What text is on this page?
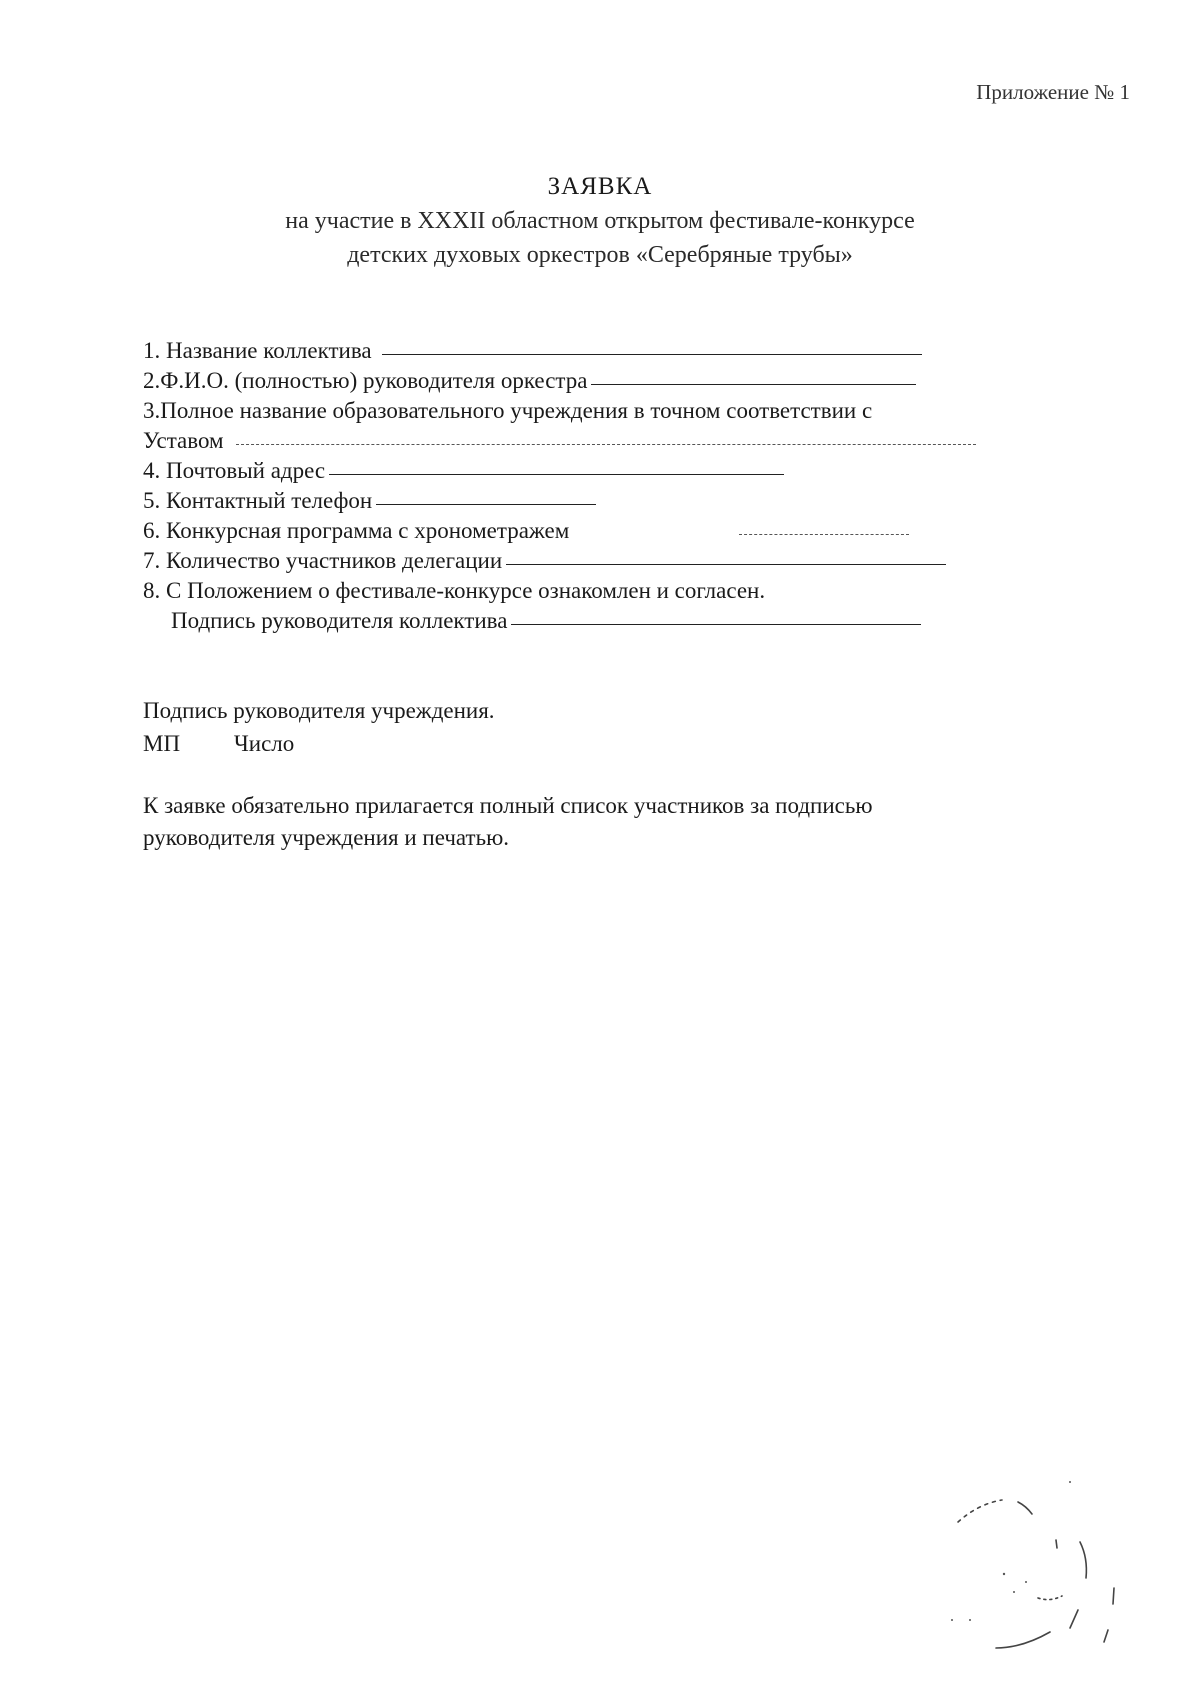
Приложение № 1
ЗАЯВКА
на участие в XXXII областном открытом фестивале-конкурсе
детских духовых оркестров «Серебряные трубы»
1. Название коллектива
2.Ф.И.О. (полностью) руководителя оркестра
3.Полное название образовательного учреждения в точном соответствии с
Уставом
4. Почтовый адрес
5. Контактный телефон
6. Конкурсная программа с хронометражем
7. Количество участников делегации
8. С Положением о фестивале-конкурсе ознакомлен и согласен.
Подпись руководителя коллектива
Подпись руководителя учреждения.
МП Число
К заявке обязательно прилагается полный список участников за подписью
руководителя учреждения и печатью.
